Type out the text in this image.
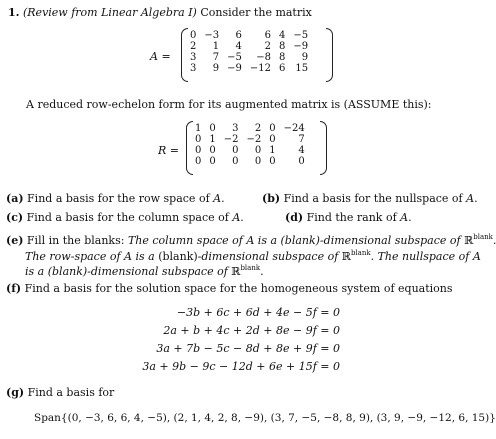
1. (Review from Linear Algebra I) Consider the matrix
A =
0	−3	6	6	4	−5
2	1	4	2	8	−9
3	7	−5	−8	8	9
3	9	−9	−12	6	15
A reduced row-echelon form for its augmented matrix is (ASSUME this):
R =
1	0	3	2	0	−24
0	1	−2	−2	0	7
0	0	0	0	1	4
0	0	0	0	0	0
(a) Find a basis for the row space of A.	(b) Find a basis for the nullspace of A.
(c) Find a basis for the column space of A.	(d) Find the rank of A.
(e) Fill in the blanks: The column space of A is a (blank)-dimensional subspace of ℝ$^{blank}$
The row-space of A is a (blank)-dimensional subspace of ℝ$^{blank}$. The nullspace of A
is a (blank)-dimensional subspace of ℝ$^{blank}$.
(f) Find a basis for the solution space for the homogeneous system of equations
−3b + 6c + 6d + 4e − 5f = 0
2a + b + 4c + 2d + 8e − 9f = 0
3a + 7b − 5c − 8d + 8e + 9f = 0
3a + 9b − 9c − 12d + 6e + 15f = 0
(g) Find a basis for
Span{(0, −3, 6, 6, 4, −5), (2, 1, 4, 2, 8, −9), (3, 7, −5, −8, 8, 9), (3, 9, −9, −12, 6, 15)}
